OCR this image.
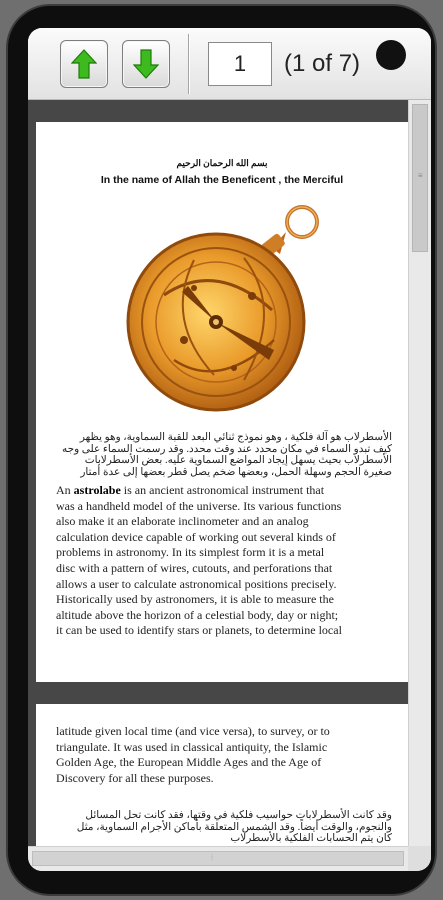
1
(1 of 7)
بسم الله الرحمان الرحيم
In the name of Allah the Beneficent , the Merciful
الأسطرلاب هو آلة فلكية ، وهو نموذج ثنائي البعد للقبة السماوية، وهو يظهر
كيف تبدو السماء في مكان محدد عند وقت محدد. وقد رسمت السماء على وجه
الأسطرلاب بحيث يسهل إيجاد المواضع السماوية عليه. بعض الأسطرلابات
صغيرة الحجم وسهلة الحمل، وبعضها ضخم يصل قطر بعضها إلى عدة أمتار
An astrolabe is an ancient astronomical instrument that
was a handheld model of the universe. Its various functions
also make it an elaborate inclinometer and an analog
calculation device capable of working out several kinds of
problems in astronomy. In its simplest form it is a metal
disc with a pattern of wires, cutouts, and perforations that
allows a user to calculate astronomical positions precisely.
Historically used by astronomers, it is able to measure the
altitude above the horizon of a celestial body, day or night;
it can be used to identify stars or planets, to determine local
latitude given local time (and vice versa), to survey, or to
triangulate. It was used in classical antiquity, the Islamic
Golden Age, the European Middle Ages and the Age of
Discovery for all these purposes.
وقد كانت الأسطرلابات حواسيب فلكية في وقتها، فقد كانت تحل المسائل
والنجوم، والوقت أيضاً. وقد الشمس المتعلقة بأماكن الأجرام السماوية، مثل
كان يتم الحسابات الفلكية بالأسطرلاب
≡
⦙
